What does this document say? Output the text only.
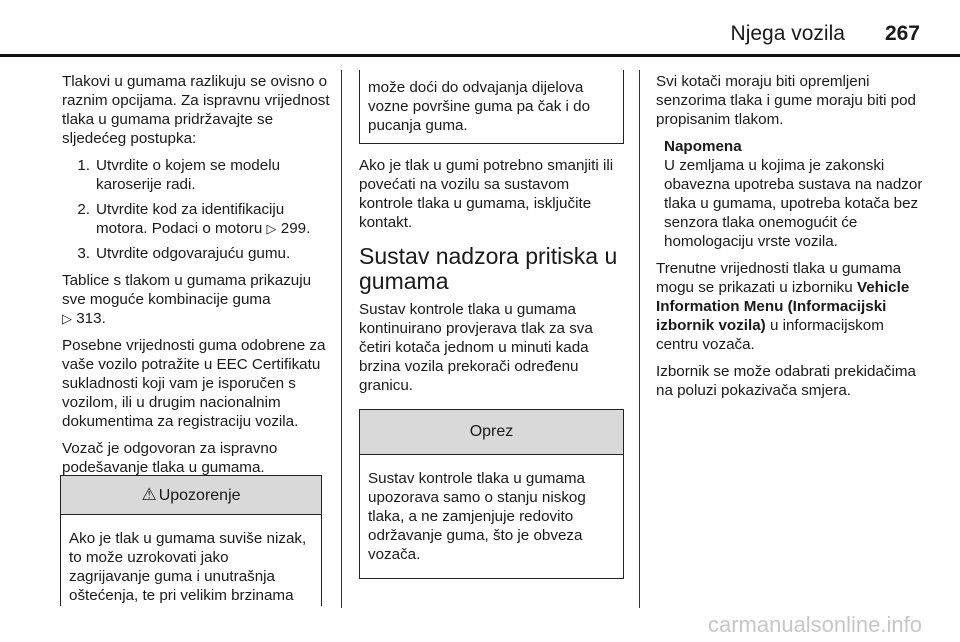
Njega vozila 267

Tlakovi u gumama razlikuju se ovisno o raznim opcijama. Za ispravnu vrijednost tlaka u gumama pridržavajte se sljedećeg postupka:

1. Utvrdite o kojem se modelu karoserije radi.
2. Utvrdite kod za identifikaciju motora. Podaci o motoru ▷ 299.
3. Utvrdite odgovarajuću gumu.

Tablice s tlakom u gumama prikazuju sve moguće kombinacije guma
▷ 313.

Posebne vrijednosti guma odobrene za vaše vozilo potražite u EEC Certifikatu sukladnosti koji vam je isporučen s vozilom, ili u drugim nacionalnim dokumentima za registraciju vozila.

Vozač je odgovoran za ispravno podešavanje tlaka u gumama.

⚠ Upozorenje
Ako je tlak u gumama suviše nizak, to može uzrokovati jako zagrijavanje guma i unutrašnja oštećenja, te pri velikim brzinama
može doći do odvajanja dijelova vozne površine guma pa čak i do pucanja guma.

Ako je tlak u gumi potrebno smanjiti ili povećati na vozilu sa sustavom kontrole tlaka u gumama, isključite kontakt.

Sustav nadzora pritiska u gumama

Sustav kontrole tlaka u gumama kontinuirano provjerava tlak za sva četiri kotača jednom u minuti kada brzina vozila prekorači određenu granicu.

Oprez
Sustav kontrole tlaka u gumama upozorava samo o stanju niskog tlaka, a ne zamjenjuje redovito održavanje guma, što je obveza vozača.

Svi kotači moraju biti opremljeni senzorima tlaka i gume moraju biti pod propisanim tlakom.

Napomena
U zemljama u kojima je zakonski obavezna upotreba sustava na nadzor tlaka u gumama, upotreba kotača bez senzora tlaka onemogućit će homologaciju vrste vozila.

Trenutne vrijednosti tlaka u gumama mogu se prikazati u izborniku Vehicle Information Menu (Informacijski izbornik vozila) u informacijskom centru vozača.

Izbornik se može odabrati prekidačima na poluzi pokazivača smjera.

carmanualsonline.info
